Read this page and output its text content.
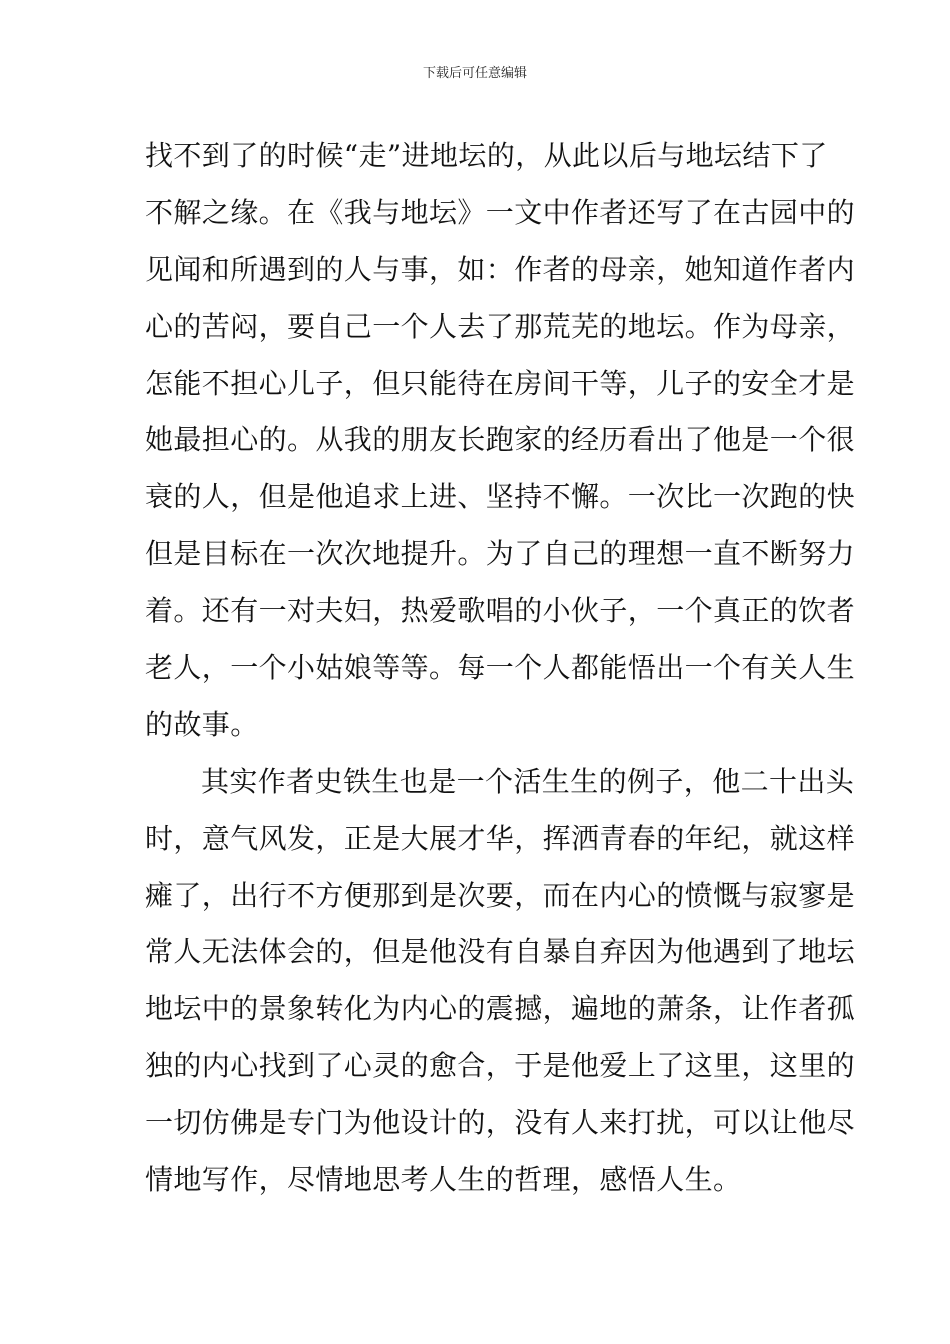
下载后可任意编辑
找不到了的时候“走”进地坛的，从此以后与地坛结下了
不解之缘。在《我与地坛》一文中作者还写了在古园中的
见闻和所遇到的人与事，如：作者的母亲，她知道作者内
心的苦闷，要自己一个人去了那荒芜的地坛。作为母亲，
怎能不担心儿子，但只能待在房间干等，儿子的安全才是
她最担心的。从我的朋友长跑家的经历看出了他是一个很
衰的人，但是他追求上进、坚持不懈。一次比一次跑的快
但是目标在一次次地提升。为了自己的理想一直不断努力
着。还有一对夫妇，热爱歌唱的小伙子，一个真正的饮者
老人，一个小姑娘等等。每一个人都能悟出一个有关人生
的故事。
其实作者史铁生也是一个活生生的例子，他二十出头
时，意气风发，正是大展才华，挥洒青春的年纪，就这样
瘫了，出行不方便那到是次要，而在内心的愤慨与寂寥是
常人无法体会的，但是他没有自暴自弃因为他遇到了地坛
地坛中的景象转化为内心的震撼，遍地的萧条，让作者孤
独的内心找到了心灵的愈合，于是他爱上了这里，这里的
一切仿佛是专门为他设计的，没有人来打扰，可以让他尽
情地写作，尽情地思考人生的哲理，感悟人生。
